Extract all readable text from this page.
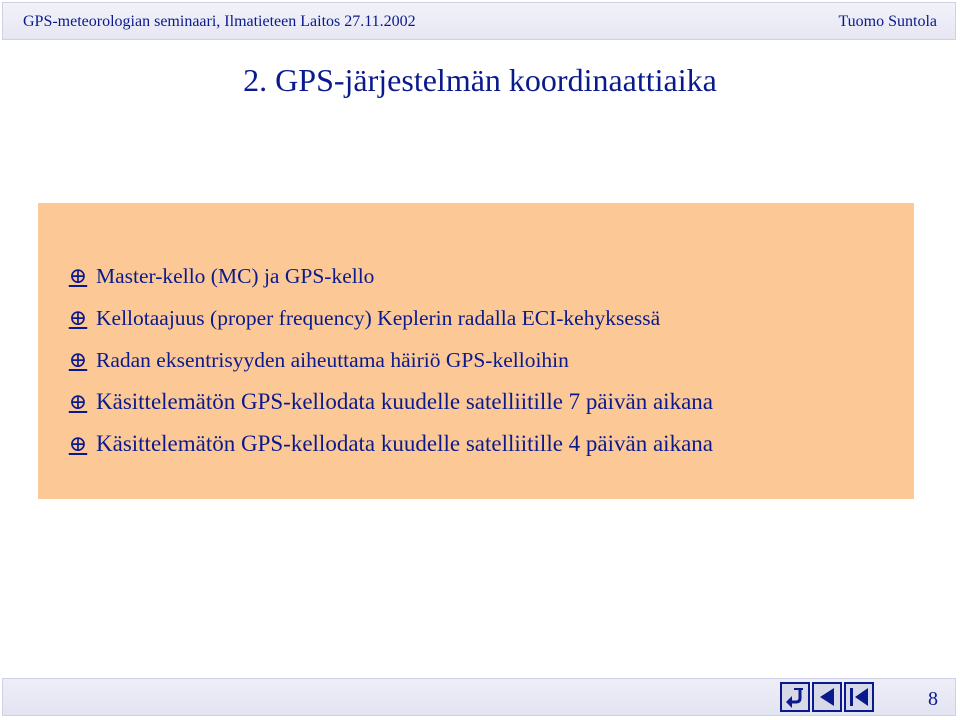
GPS-meteorologian seminaari, Ilmatieteen Laitos 27.11.2002	Tuomo Suntola
2. GPS-järjestelmän koordinaattiaika
⊕ Master-kello (MC) ja GPS-kello
⊕ Kellotaajuus (proper frequency) Keplerin radalla ECI-kehyksessä
⊕ Radan eksentrisyyden aiheuttama häiriö GPS-kelloihin
⊕ Käsittelemätön GPS-kellodata kuudelle satelliitille 7 päivän aikana
⊕ Käsittelemätön GPS-kellodata kuudelle satelliitille 4 päivän aikana
8
